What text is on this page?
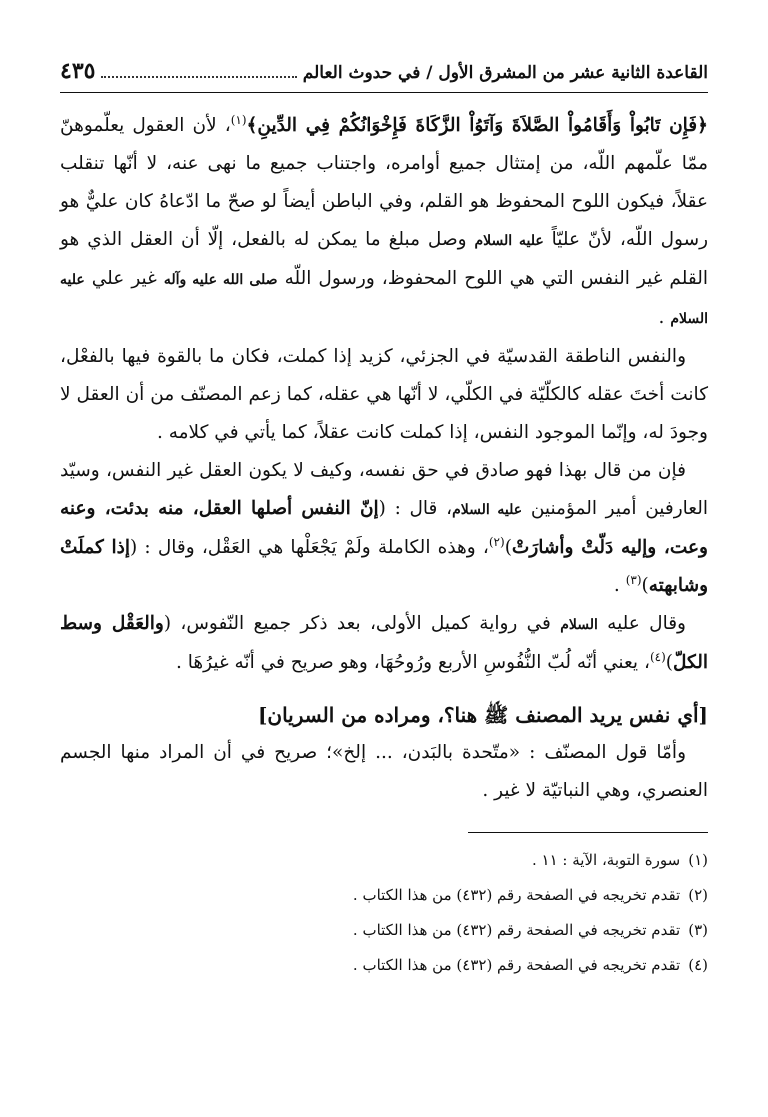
القاعدة الثانية عشر من المشرق الأول / في حدوث العالم
٤٣٥

﴿فَإِن تَابُواْ وَأَقَامُواْ الصَّلاَةَ وَآتَوُاْ الزَّكَاةَ فَإِخْوَانُكُمْ فِي الدِّينِ﴾$^{(١)}$، لأن العقول يعلّموهنّ ممّا علّمهم اللّه، من إمتثال جميع أوامره، واجتناب جميع ما نهى عنه، لا أنّها تنقلب عقلاً، فيكون اللوح المحفوظ هو القلم، وفي الباطن أيضاً لو صحّ ما ادّعاهُ كان عليٌّ هو رسول اللّه، لأنّ عليّاً عليه السلام وصل مبلغ ما يمكن له بالفعل، إلّا أن العقل الذي هو القلم غير النفس التي هي اللوح المحفوظ، ورسول اللّه صلى الله عليه وآله غير علي عليه السلام .

والنفس الناطقة القدسيّة في الجزئي، كزيد إذا كملت، فكان ما بالقوة فيها بالفعْل، كانت أختَ عقله كالكلّيّة في الكلّي، لا أنّها هي عقله، كما زعم المصنّف من أن العقل لا وجودَ له، وإنّما الموجود النفس، إذا كملت كانت عقلاً، كما يأتي في كلامه .

فإن من قال بهذا فهو صادق في حق نفسه، وكيف لا يكون العقل غير النفس، وسيّد العارفين أمير المؤمنين عليه السلام، قال : (إنّ النفس أصلها العقل، منه بدئت، وعنه وعت، وإليه دَلّتْ وأشارَتْ)$^{(٢)}$، وهذه الكاملة ولَمْ يَجْعَلْها هي العَقْل، وقال : (إذا كملَتْ وشابهته)$^{(٣)}$ .

وقال عليه السلام في رواية كميل الأولى، بعد ذكر جميع النّفوس، (والعَقْل وسط الكلّ)$^{(٤)}$، يعني أنّه لُبّ النُّفُوسِ الأربع ورُوحُهَا، وهو صريح في أنّه غيرُهَا .

[أي نفس يريد المصنف ﷺ هنا؟، ومراده من السريان]

وأمّا قول المصنّف : «متّحدة بالبَدن، ... إلخ»؛ صريح في أن المراد منها الجسم العنصري، وهي النباتيّة لا غير .

(١)
سورة التوبة، الآية : ١١ .
(٢)
تقدم تخريجه في الصفحة رقم (٤٣٢) من هذا الكتاب .
(٣)
تقدم تخريجه في الصفحة رقم (٤٣٢) من هذا الكتاب .
(٤)
تقدم تخريجه في الصفحة رقم (٤٣٢) من هذا الكتاب .
